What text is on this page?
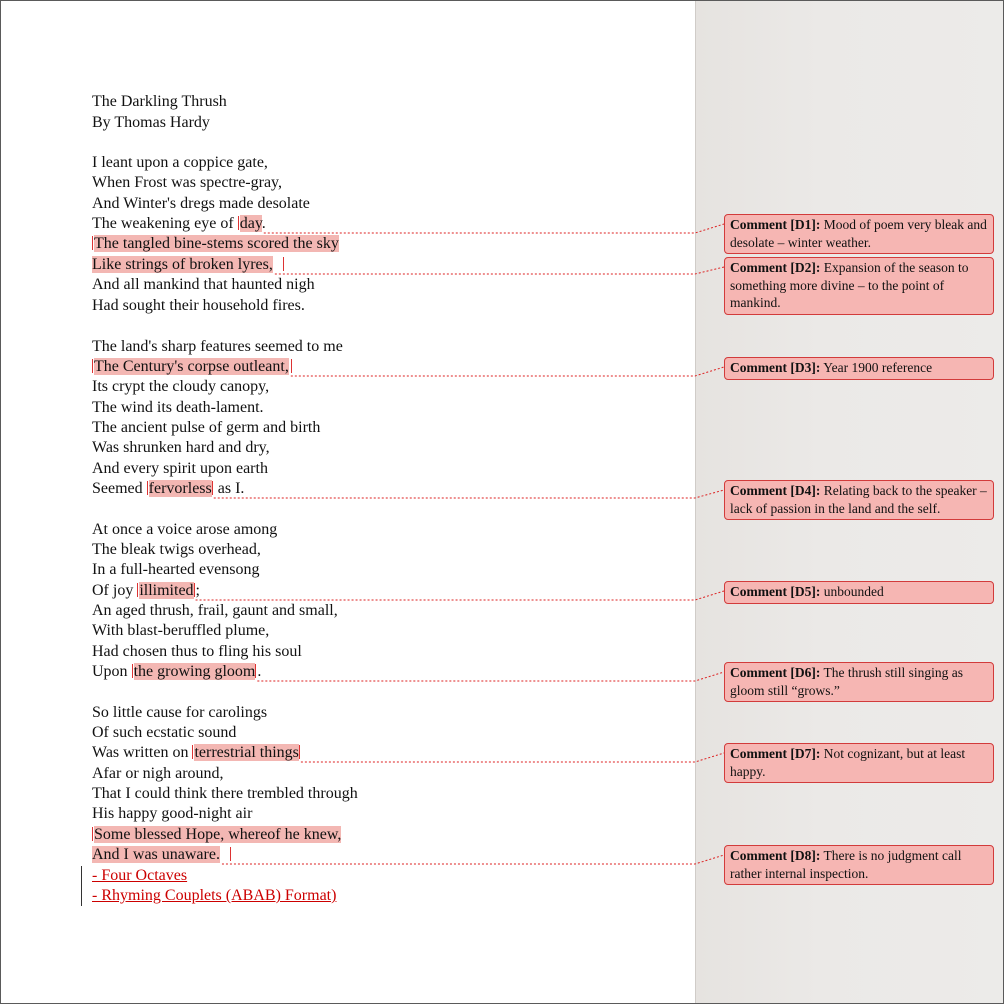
The Darkling Thrush
By Thomas Hardy
I leant upon a coppice gate,
When Frost was spectre-gray,
And Winter's dregs made desolate
The weakening eye of day.
The tangled bine-stems scored the sky
Like strings of broken lyres,
And all mankind that haunted nigh
Had sought their household fires.
The land's sharp features seemed to me
The Century's corpse outleant,
Its crypt the cloudy canopy,
The wind its death-lament.
The ancient pulse of germ and birth
Was shrunken hard and dry,
And every spirit upon earth
Seemed fervorless as I.
At once a voice arose among
The bleak twigs overhead,
In a full-hearted evensong
Of joy illimited ;
An aged thrush, frail, gaunt and small,
With blast-beruffled plume,
Had chosen thus to fling his soul
Upon the growing gloom .
So little cause for carolings
Of such ecstatic sound
Was written on terrestrial things
Afar or nigh around,
That I could think there trembled through
His happy good-night air
Some blessed Hope, whereof he knew,
And I was unaware.
- Four Octaves
- Rhyming Couplets (ABAB) Format)
Comment [D1]: Mood of poem very bleak and desolate – winter weather.
Comment [D2]: Expansion of the season to something more divine – to the point of mankind.
Comment [D3]: Year 1900 reference
Comment [D4]: Relating back to the speaker – lack of passion in the land and the self.
Comment [D5]: unbounded
Comment [D6]: The thrush still singing as gloom still “grows.”
Comment [D7]: Not cognizant, but at least happy.
Comment [D8]: There is no judgment call rather internal inspection.
